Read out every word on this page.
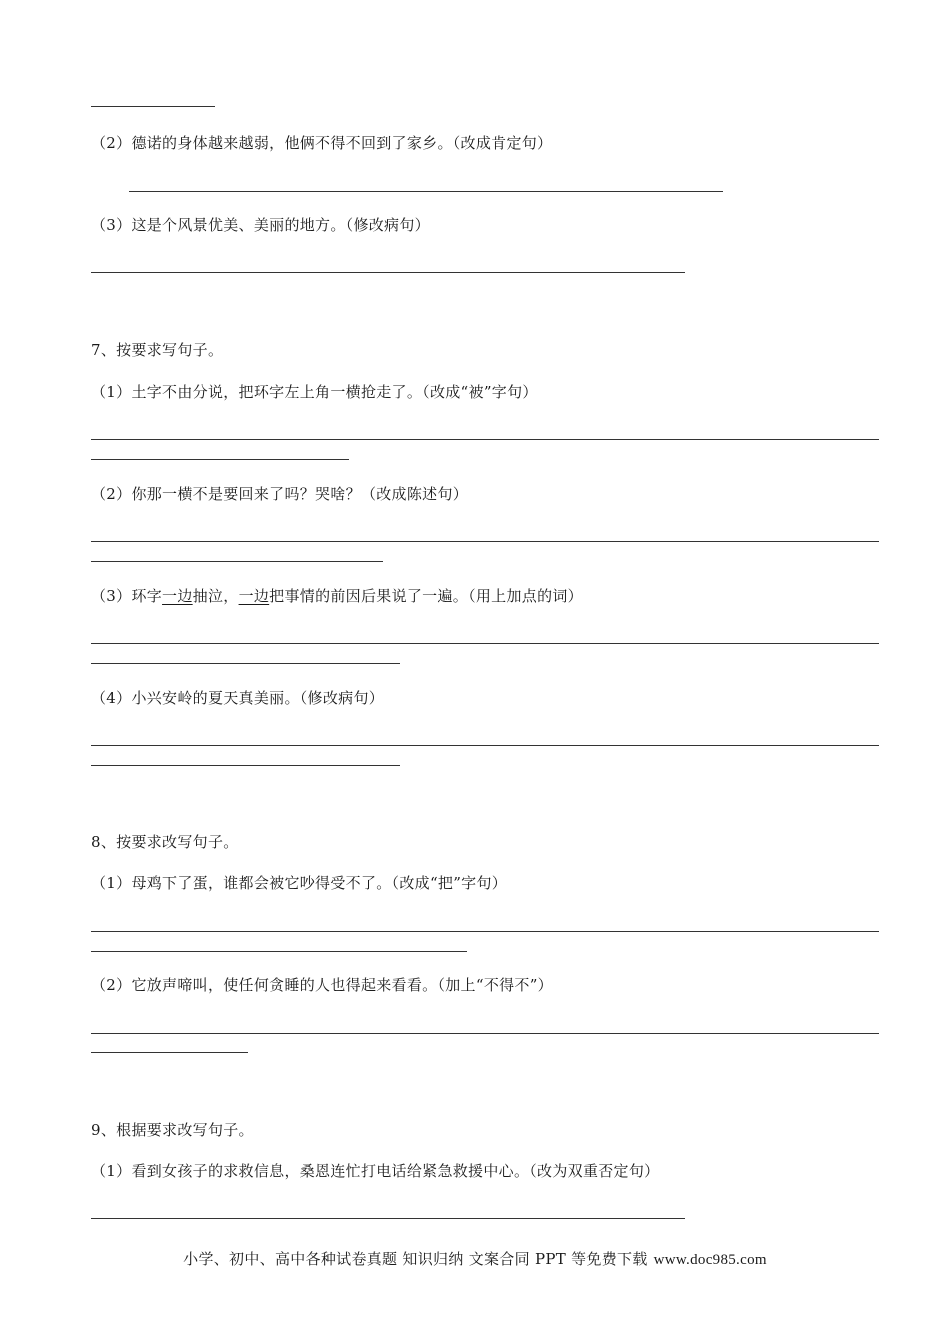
（2）德诺的身体越来越弱，他俩不得不回到了家乡。（改成肯定句）
（3）这是个风景优美、美丽的地方。（修改病句）
7、按要求写句子。
（1）土字不由分说，把环字左上角一横抢走了。（改成“被”字句）
（2）你那一横不是要回来了吗？哭啥？（改成陈述句）
（3）环字一边抽泣，一边把事情的前因后果说了一遍。（用上加点的词）
（4）小兴安岭的夏天真美丽。（修改病句）
8、按要求改写句子。
（1）母鸡下了蛋，谁都会被它吵得受不了。（改成“把”字句）
（2）它放声啼叫，使任何贪睡的人也得起来看看。（加上“不得不”）
9、根据要求改写句子。
（1）看到女孩子的求救信息，桑恩连忙打电话给紧急救援中心。（改为双重否定句）
小学、初中、高中各种试卷真题 知识归纳 文案合同 PPT 等免费下载 www.doc985.com
